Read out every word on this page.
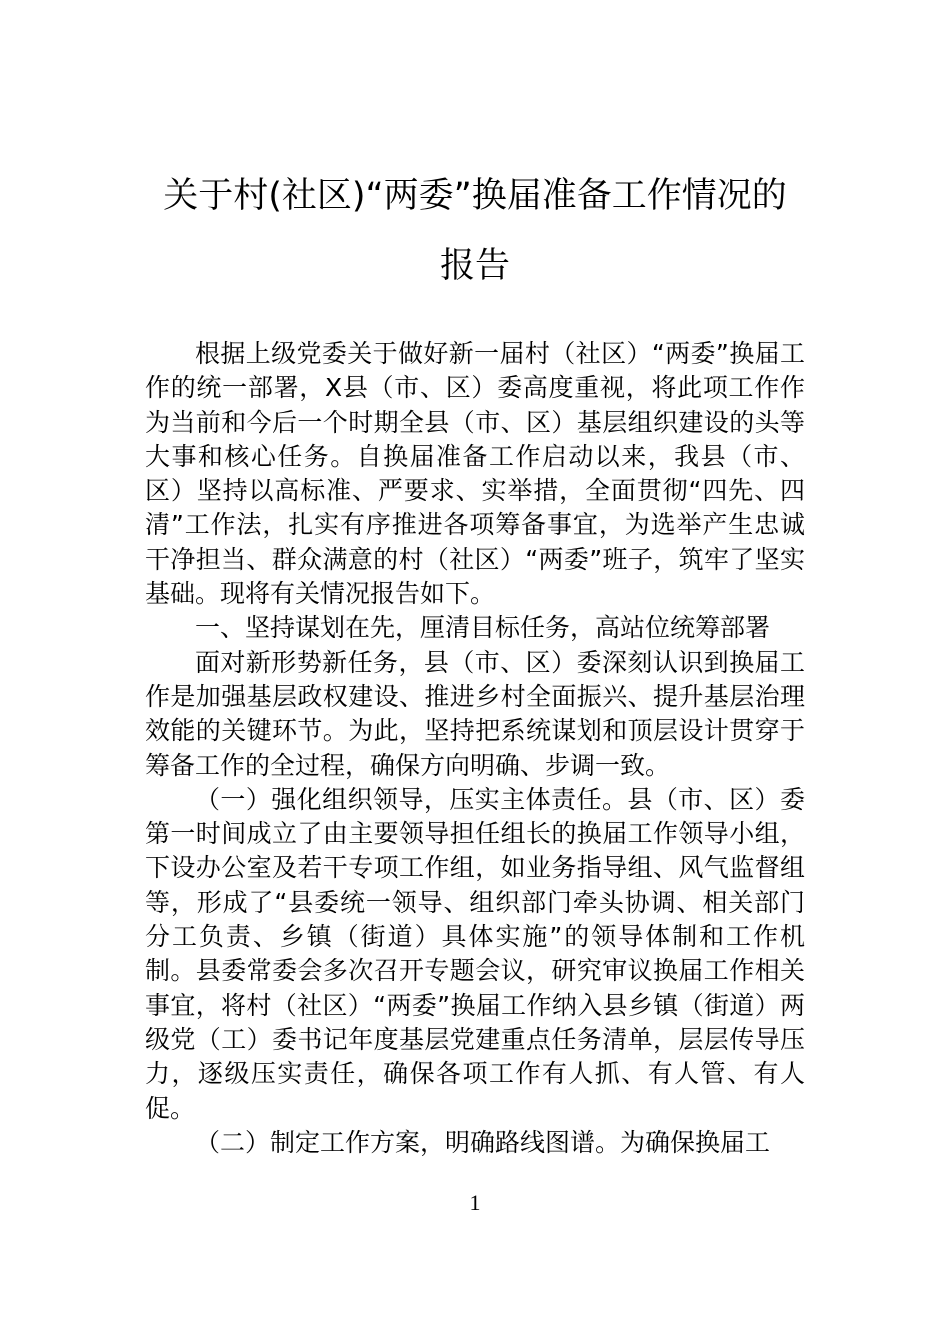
关于村(社区)“两委”换届准备工作情况的
报告

根据上级党委关于做好新一届村（社区）“两委”换届工作的统一部署，X县（市、区）委高度重视，将此项工作作为当前和今后一个时期全县（市、区）基层组织建设的头等大事和核心任务。自换届准备工作启动以来，我县（市、区）坚持以高标准、严要求、实举措，全面贯彻“四先、四清”工作法，扎实有序推进各项筹备事宜，为选举产生忠诚干净担当、群众满意的村（社区）“两委”班子，筑牢了坚实基础。现将有关情况报告如下。

一、坚持谋划在先，厘清目标任务，高站位统筹部署

面对新形势新任务，县（市、区）委深刻认识到换届工作是加强基层政权建设、推进乡村全面振兴、提升基层治理效能的关键环节。为此，坚持把系统谋划和顶层设计贯穿于筹备工作的全过程，确保方向明确、步调一致。

（一）强化组织领导，压实主体责任。县（市、区）委第一时间成立了由主要领导担任组长的换届工作领导小组，下设办公室及若干专项工作组，如业务指导组、风气监督组等，形成了“县委统一领导、组织部门牵头协调、相关部门分工负责、乡镇（街道）具体实施”的领导体制和工作机制。县委常委会多次召开专题会议，研究审议换届工作相关事宜，将村（社区）“两委”换届工作纳入县乡镇（街道）两级党（工）委书记年度基层党建重点任务清单，层层传导压力，逐级压实责任，确保各项工作有人抓、有人管、有人促。

（二）制定工作方案，明确路线图谱。为确保换届工

1
